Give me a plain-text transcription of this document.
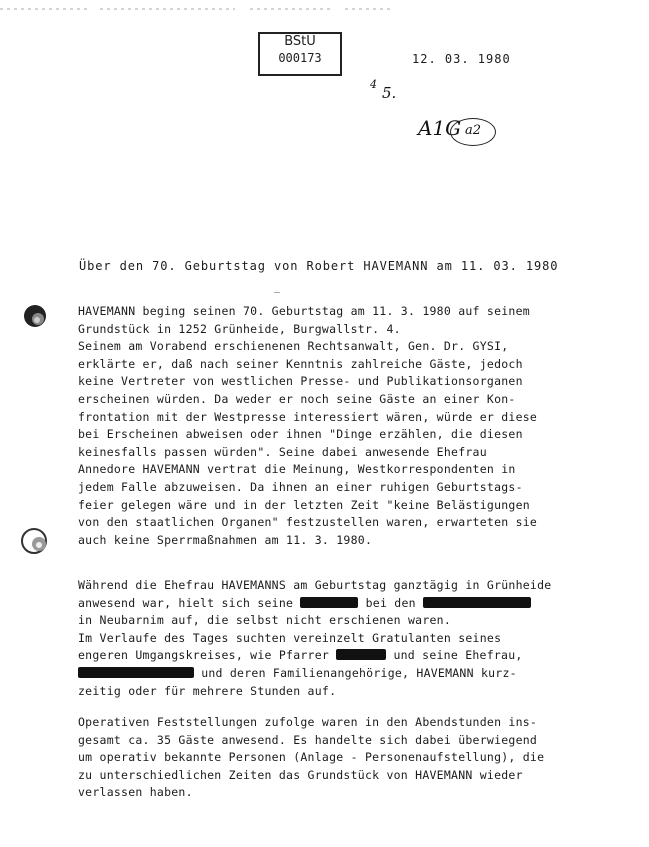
BStU
000173	12. 03. 1980
4 5.
A1G a2
Über den 70. Geburtstag von Robert HAVEMANN am 11. 03. 1980
‾
HAVEMANN beging seinen 70. Geburtstag am 11. 3. 1980 auf seinem
Grundstück in 1252 Grünheide, Burgwallstr. 4.
Seinem am Vorabend erschienenen Rechtsanwalt, Gen. Dr. GYSI,
erklärte er, daß nach seiner Kenntnis zahlreiche Gäste, jedoch
keine Vertreter von westlichen Presse- und Publikationsorganen
erscheinen würden. Da weder er noch seine Gäste an einer Kon-
frontation mit der Westpresse interessiert wären, würde er diese
bei Erscheinen abweisen oder ihnen "Dinge erzählen, die diesen
keinesfalls passen würden". Seine dabei anwesende Ehefrau
Annedore HAVEMANN vertrat die Meinung, Westkorrespondenten in
jedem Falle abzuweisen. Da ihnen an einer ruhigen Geburtstags-
feier gelegen wäre und in der letzten Zeit "keine Belästigungen
von den staatlichen Organen" festzustellen waren, erwarteten sie
auch keine Sperrmaßnahmen am 11. 3. 1980.
Während die Ehefrau HAVEMANNS am Geburtstag ganztägig in Grünheide
anwesend war, hielt sich seine	bei den
in Neubarnim auf, die selbst nicht erschienen waren.
Im Verlaufe des Tages suchten vereinzelt Gratulanten seines
engeren Umgangskreises, wie Pfarrer	und seine Ehefrau,
und deren Familienangehörige, HAVEMANN kurz-
zeitig oder für mehrere Stunden auf.
Operativen Feststellungen zufolge waren in den Abendstunden ins-
gesamt ca. 35 Gäste anwesend. Es handelte sich dabei überwiegend
um operativ bekannte Personen (Anlage - Personenaufstellung), die
zu unterschiedlichen Zeiten das Grundstück von HAVEMANN wieder
verlassen haben.
